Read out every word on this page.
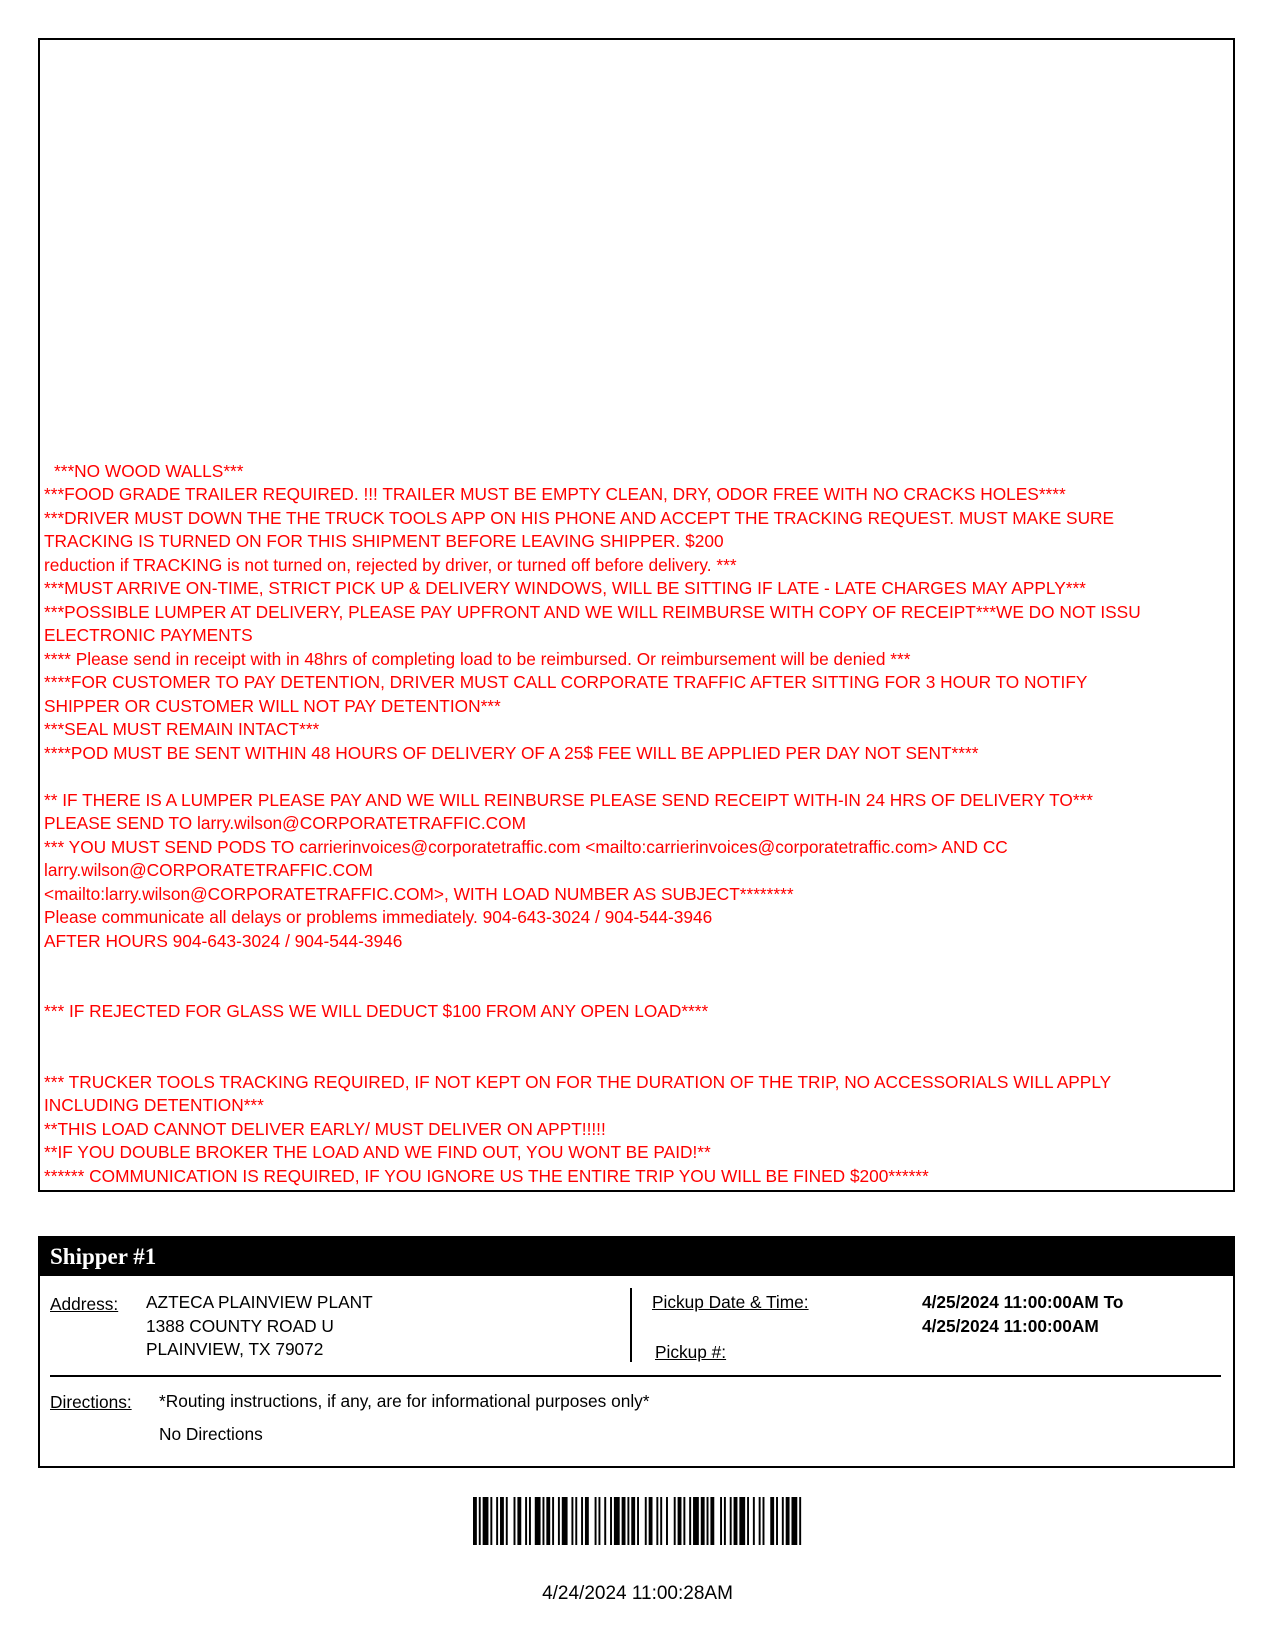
***NO WOOD WALLS***
***FOOD GRADE TRAILER REQUIRED. !!! TRAILER MUST BE EMPTY CLEAN, DRY, ODOR FREE WITH NO CRACKS HOLES****
***DRIVER MUST DOWN THE THE TRUCK TOOLS APP ON HIS PHONE AND ACCEPT THE TRACKING REQUEST. MUST MAKE SURE
TRACKING IS TURNED ON FOR THIS SHIPMENT BEFORE LEAVING SHIPPER. $200
reduction if TRACKING is not turned on, rejected by driver, or turned off before delivery. ***
***MUST ARRIVE ON-TIME, STRICT PICK UP & DELIVERY WINDOWS, WILL BE SITTING IF LATE - LATE CHARGES MAY APPLY***
***POSSIBLE LUMPER AT DELIVERY, PLEASE PAY UPFRONT AND WE WILL REIMBURSE WITH COPY OF RECEIPT***WE DO NOT ISSU
ELECTRONIC PAYMENTS
**** Please send in receipt with in 48hrs of completing load to be reimbursed. Or reimbursement will be denied ***
****FOR CUSTOMER TO PAY DETENTION, DRIVER MUST CALL CORPORATE TRAFFIC AFTER SITTING FOR 3 HOUR TO NOTIFY
SHIPPER OR CUSTOMER WILL NOT PAY DETENTION***
***SEAL MUST REMAIN INTACT***
****POD MUST BE SENT WITHIN 48 HOURS OF DELIVERY OF A 25$ FEE WILL BE APPLIED PER DAY NOT SENT****
** IF THERE IS A LUMPER PLEASE PAY AND WE WILL REINBURSE PLEASE SEND RECEIPT WITH-IN 24 HRS OF DELIVERY TO***
PLEASE SEND TO larry.wilson@CORPORATETRAFFIC.COM
*** YOU MUST SEND PODS TO carrierinvoices@corporatetraffic.com <mailto:carrierinvoices@corporatetraffic.com> AND CC
larry.wilson@CORPORATETRAFFIC.COM
<mailto:larry.wilson@CORPORATETRAFFIC.COM>, WITH LOAD NUMBER AS SUBJECT********
Please communicate all delays or problems immediately. 904-643-3024 / 904-544-3946
AFTER HOURS 904-643-3024 / 904-544-3946
*** IF REJECTED FOR GLASS WE WILL DEDUCT $100 FROM ANY OPEN LOAD****
*** TRUCKER TOOLS TRACKING REQUIRED, IF NOT KEPT ON FOR THE DURATION OF THE TRIP, NO ACCESSORIALS WILL APPLY
INCLUDING DETENTION***
**THIS LOAD CANNOT DELIVER EARLY/ MUST DELIVER ON APPT!!!!!
**IF YOU DOUBLE BROKER THE LOAD AND WE FIND OUT, YOU WONT BE PAID!**
****** COMMUNICATION IS REQUIRED, IF YOU IGNORE US THE ENTIRE TRIP YOU WILL BE FINED $200******
Shipper #1
Address: AZTECA PLAINVIEW PLANT
1388 COUNTY ROAD U
PLAINVIEW, TX 79072
Pickup Date & Time:	4/25/2024 11:00:00AM To
4/25/2024 11:00:00AM
Pickup #:
Directions: *Routing instructions, if any, are for informational purposes only*
No Directions
4/24/2024 11:00:28AM
